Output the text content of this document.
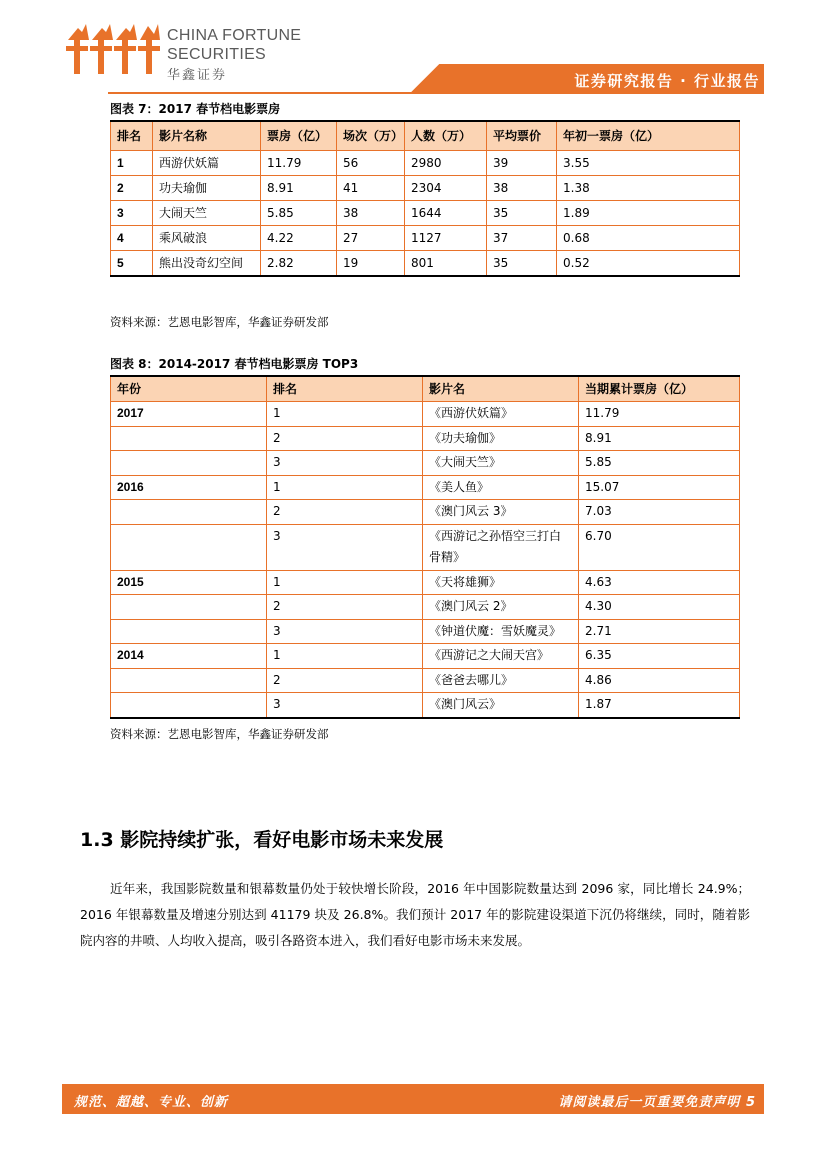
CHINA FORTUNE
SECURITIES
华鑫证券	证券研究报告 · 行业报告
图表 7：2017 春节档电影票房
排名	影片名称	票房（亿）	场次（万）	人数（万）	平均票价	年初一票房（亿）
1	西游伏妖篇	11.79	56	2980	39	3.55
2	功夫瑜伽	8.91	41	2304	38	1.38
3	大闹天竺	5.85	38	1644	35	1.89
4	乘风破浪	4.22	27	1127	37	0.68
5	熊出没奇幻空间	2.82	19	801	35	0.52
资料来源：艺恩电影智库，华鑫证券研发部
图表 8：2014-2017 春节档电影票房 TOP3
年份	排名	影片名	当期累计票房（亿）
2017	1	《西游伏妖篇》	11.79
	2	《功夫瑜伽》	8.91
	3	《大闹天竺》	5.85
2016	1	《美人鱼》	15.07
	2	《澳门风云 3》	7.03
	3	《西游记之孙悟空三打白骨精》	6.70
2015	1	《天将雄狮》	4.63
	2	《澳门风云 2》	4.30
	3	《钟道伏魔：雪妖魔灵》	2.71
2014	1	《西游记之大闹天宫》	6.35
	2	《爸爸去哪儿》	4.86
	3	《澳门风云》	1.87
资料来源：艺恩电影智库，华鑫证券研发部
1.3 影院持续扩张，看好电影市场未来发展
近年来，我国影院数量和银幕数量仍处于较快增长阶段，2016 年中国影院数量达到 2096 家，同比增长 24.9%；2016 年银幕数量及增速分别达到 41179 块及 26.8%。我们预计 2017 年的影院建设渠道下沉仍将继续，同时，随着影院内容的井喷、人均收入提高，吸引各路资本进入，我们看好电影市场未来发展。
规范、超越、专业、创新	请阅读最后一页重要免责声明 5
